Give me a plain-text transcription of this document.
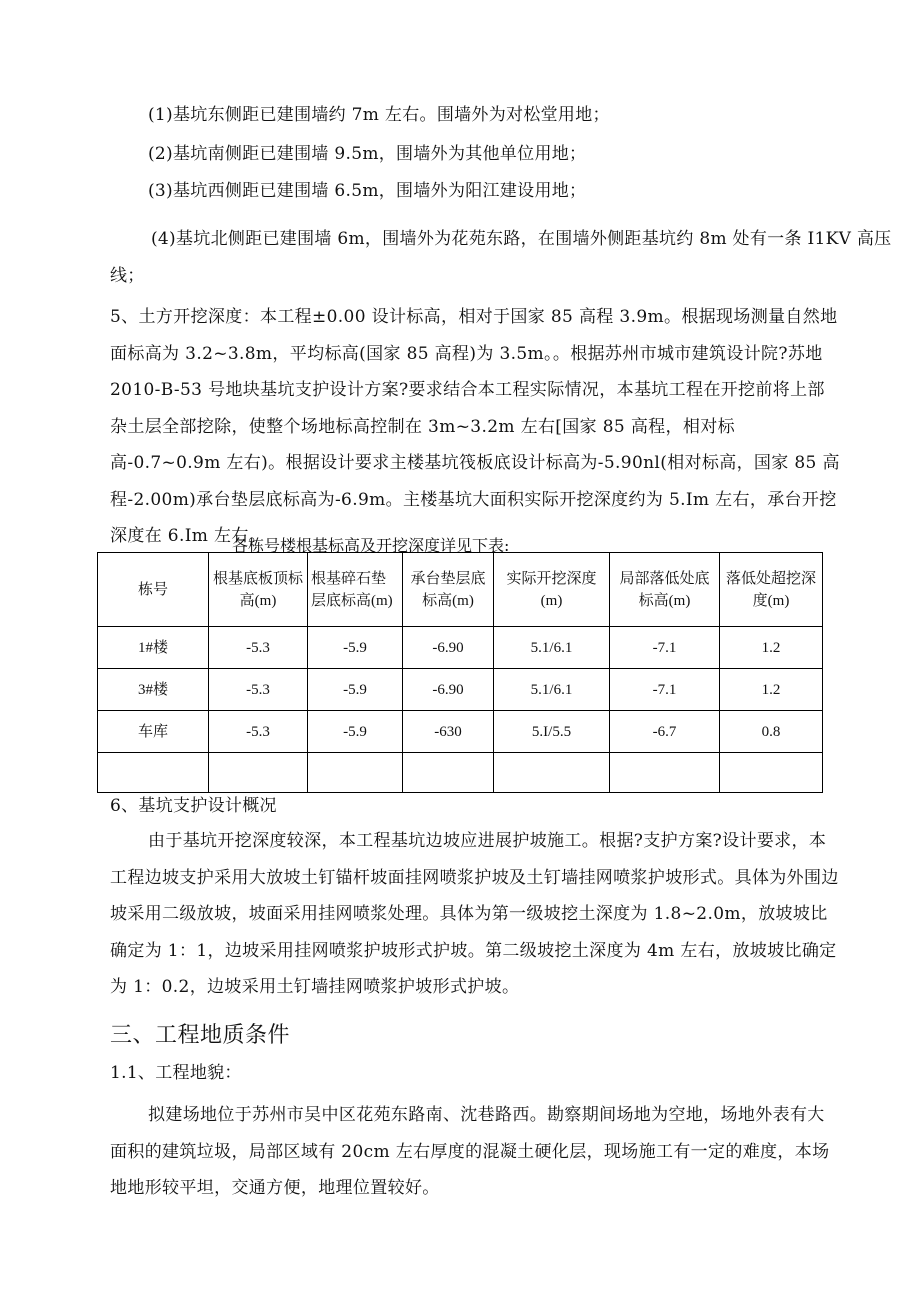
(1)基坑东侧距已建围墙约 7m 左右。围墙外为对松堂用地；
(2)基坑南侧距已建围墙 9.5m，围墙外为其他单位用地；
(3)基坑西侧距已建围墙 6.5m，围墙外为阳江建设用地；
(4)基坑北侧距已建围墙 6m，围墙外为花苑东路，在围墙外侧距基坑约 8m 处有一条 I1KV 高压
线；
5、土方开挖深度：本工程±0.00 设计标高，相对于国家 85 高程 3.9m。根据现场测量自然地面标高为 3.2~3.8m，平均标高(国家 85 高程)为 3.5m。。根据苏州市城市建筑设计院?苏地 2010-B-53 号地块基坑支护设计方案?要求结合本工程实际情况，本基坑工程在开挖前将上部杂土层全部挖除，使整个场地标高控制在 3m~3.2m 左右[国家 85 高程，相对标高-0.7~0.9m 左右)。根据设计要求主楼基坑筏板底设计标高为-5.90nl(相对标高，国家 85 高程-2.00m)承台垫层底标高为-6.9m。主楼基坑大面积实际开挖深度约为 5.Im 左右，承台开挖深度在 6.Im 左右。
各栋号楼根基标高及开挖深度详见下表:
栋号	根基底板顶标高(m)	根基碎石垫层底标高(m)	承台垫层底标高(m)	实际开挖深度(m)	局部落低处底标高(m)	落低处超挖深度(m)
1#楼	-5.3	-5.9	-6.90	5.1/6.1	-7.1	1.2
3#楼	-5.3	-5.9	-6.90	5.1/6.1	-7.1	1.2
车库	-5.3	-5.9	-630	5.I/5.5	-6.7	0.8

6、基坑支护设计概况
由于基坑开挖深度较深，本工程基坑边坡应进展护坡施工。根据?支护方案?设计要求，本工程边坡支护采用大放坡土钉锚杆坡面挂网喷浆护坡及土钉墙挂网喷浆护坡形式。具体为外围边坡采用二级放坡，坡面采用挂网喷浆处理。具体为第一级坡挖土深度为 1.8~2.0m，放坡坡比确定为 1：1，边坡采用挂网喷浆护坡形式护坡。第二级坡挖土深度为 4m 左右，放坡坡比确定为 1：0.2，边坡采用土钉墙挂网喷浆护坡形式护坡。
三、工程地质条件
1.1、工程地貌：
拟建场地位于苏州市吴中区花苑东路南、沈巷路西。勘察期间场地为空地，场地外表有大面积的建筑垃圾，局部区域有 20cm 左右厚度的混凝土硬化层，现场施工有一定的难度，本场地地形较平坦，交通方便，地理位置较好。
